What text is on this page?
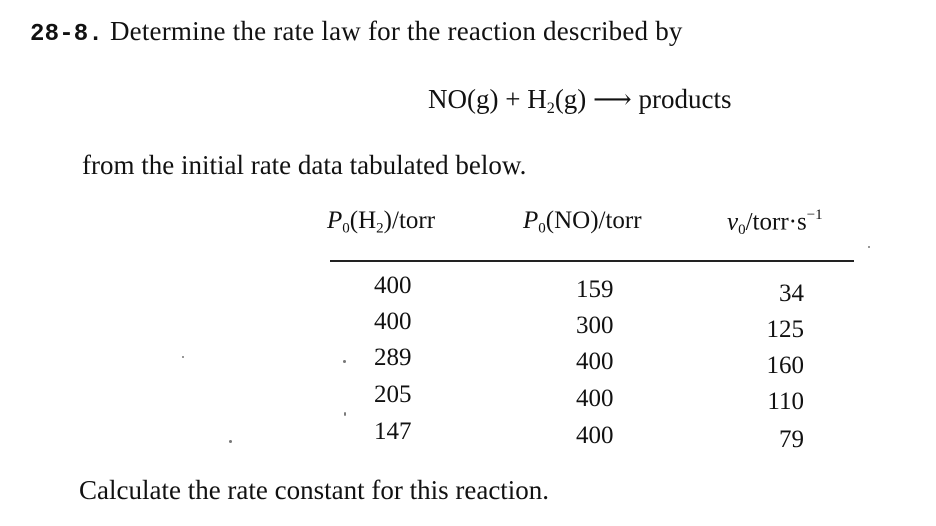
28-8. Determine the rate law for the reaction described by
$NO(g) + H_2(g)$ ⟶ products
from the initial rate data tabulated below.
$P_0(H_2)$/torr	$P_0(NO)$/torr	$v_0/torr\cdot s^{-1}$
400	159	34
400	300	125
289	400	160
205	400	110
147	400	79
Calculate the rate constant for this reaction.
